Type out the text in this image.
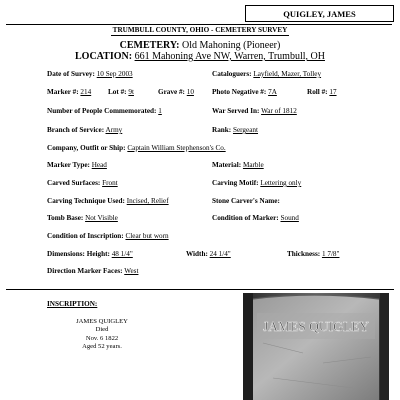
QUIGLEY, JAMES
TRUMBULL COUNTY, OHIO - CEMETERY SURVEY
CEMETERY: Old Mahoning (Pioneer)
LOCATION: 661 Mahoning Ave NW, Warren, Trumbull, OH
Date of Survey: 10 Sep 2003	Cataloguers: Layfield, Mazer, Tolley
Marker #: 214 Lot #: 9t	Grave #: 10	Photo Negative #: 7A	Roll #: 17
Number of People Commemorated: 1	War Served In: War of 1812
Branch of Service: Army	Rank: Sergeant
Company, Outfit or Ship: Captain William Stephenson's Co.
Marker Type: Head	Material: Marble
Carved Surfaces: Front	Carving Motif: Lettering only
Carving Technique Used: Incised, Relief	Stone Carver's Name:
Tomb Base: Not Visible	Condition of Marker: Sound
Condition of Inscription: Clear but worn
Dimensions: Height: 48 1/4"	Width: 24 1/4"	Thickness: 1 7/8"
Direction Marker Faces: West
INSCRIPTION:
JAMES QUIGLEY
Died
Nov. 6 1822
Aged 52 years.
JAMES QUIGLEY
